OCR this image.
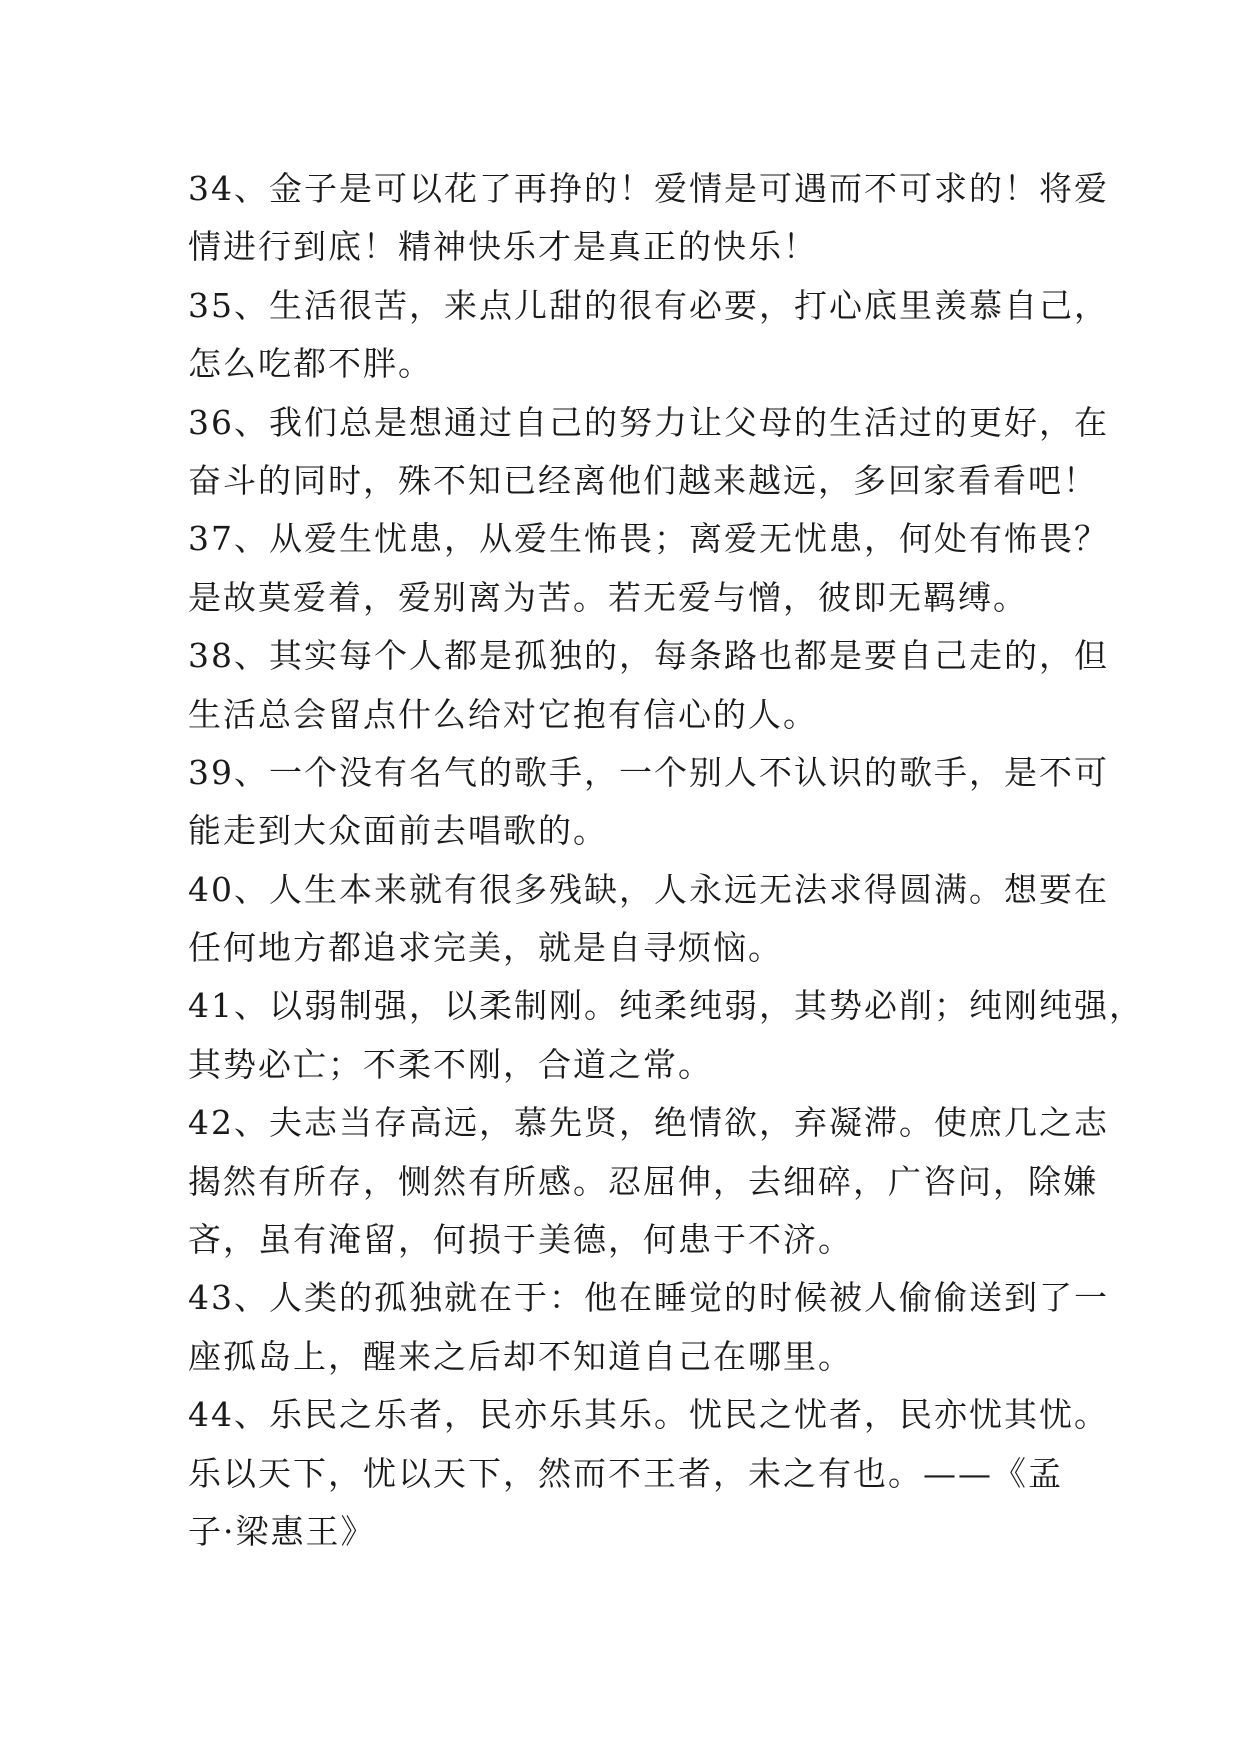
34、金子是可以花了再挣的！爱情是可遇而不可求的！将爱
情进行到底！精神快乐才是真正的快乐！
35、生活很苦，来点儿甜的很有必要，打心底里羡慕自己，
怎么吃都不胖。
36、我们总是想通过自己的努力让父母的生活过的更好，在
奋斗的同时，殊不知已经离他们越来越远，多回家看看吧！
37、从爱生忧患，从爱生怖畏；离爱无忧患，何处有怖畏？
是故莫爱着，爱别离为苦。若无爱与憎，彼即无羁缚。
38、其实每个人都是孤独的，每条路也都是要自己走的，但
生活总会留点什么给对它抱有信心的人。
39、一个没有名气的歌手，一个别人不认识的歌手，是不可
能走到大众面前去唱歌的。
40、人生本来就有很多残缺，人永远无法求得圆满。想要在
任何地方都追求完美，就是自寻烦恼。
41、以弱制强，以柔制刚。纯柔纯弱，其势必削；纯刚纯强，
其势必亡；不柔不刚，合道之常。
42、夫志当存高远，慕先贤，绝情欲，弃凝滞。使庶几之志
揭然有所存，恻然有所感。忍屈伸，去细碎，广咨问，除嫌
吝，虽有淹留，何损于美德，何患于不济。
43、人类的孤独就在于：他在睡觉的时候被人偷偷送到了一
座孤岛上，醒来之后却不知道自己在哪里。
44、乐民之乐者，民亦乐其乐。忧民之忧者，民亦忧其忧。
乐以天下，忧以天下，然而不王者，未之有也。——《孟
子·梁惠王》
